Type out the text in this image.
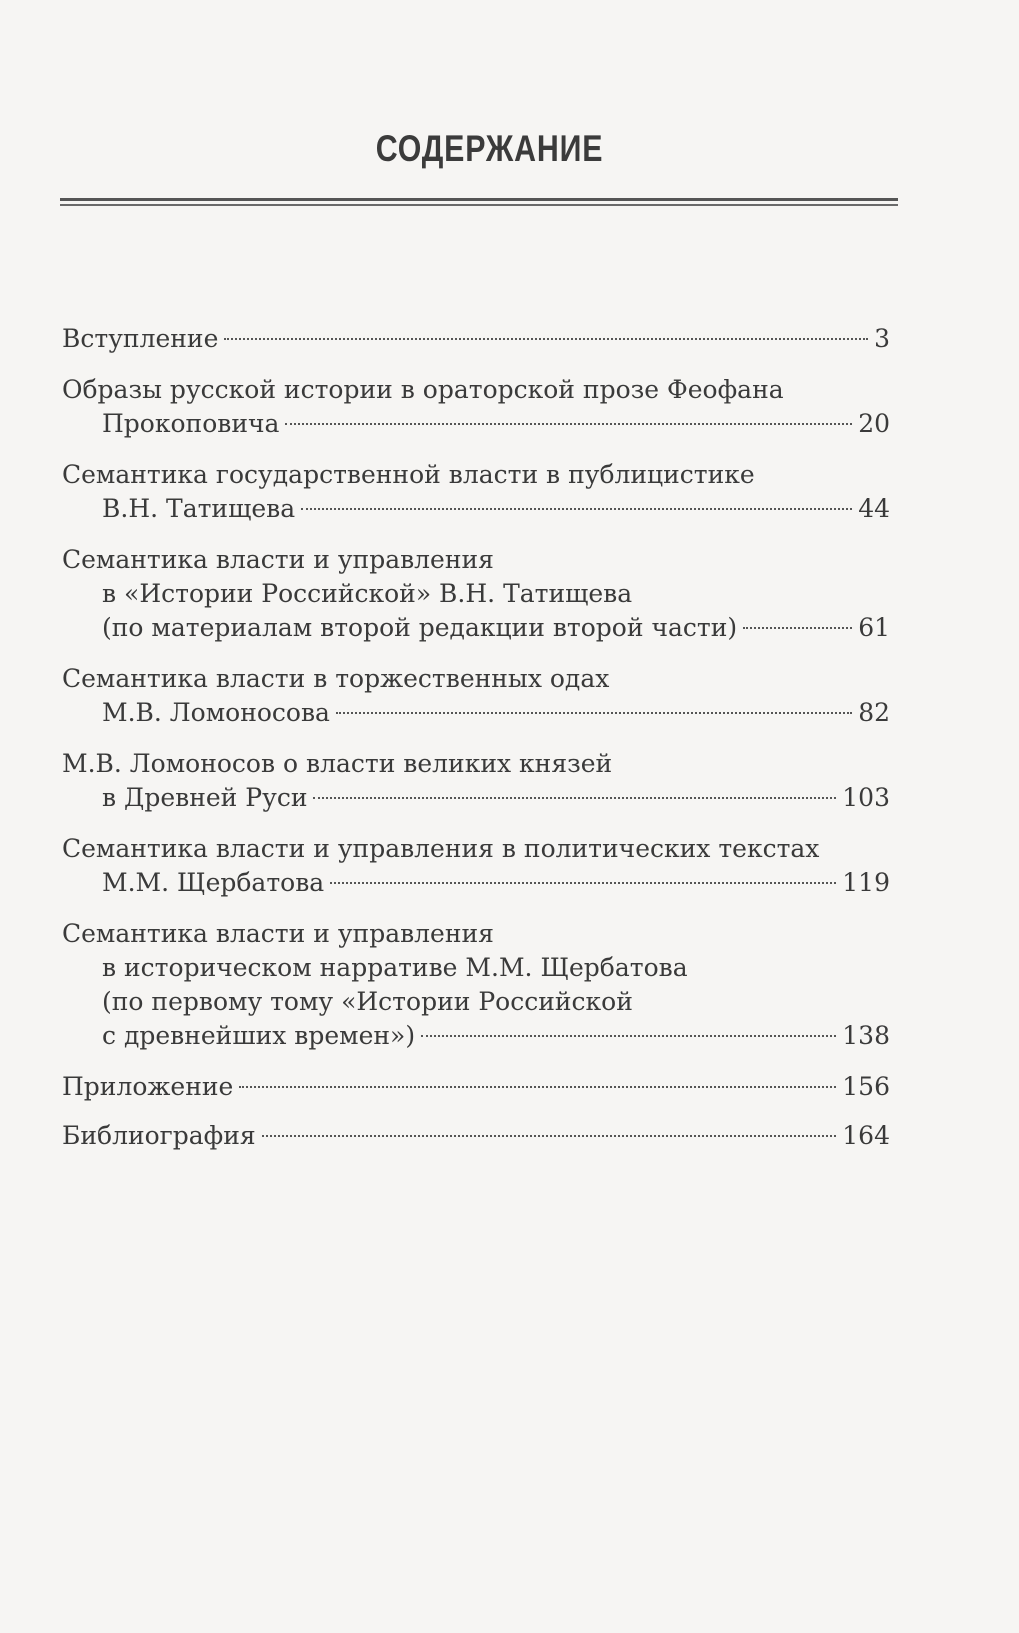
СОДЕРЖАНИЕ
Вступление	3
Образы русской истории в ораторской прозе Феофана
Прокоповича	20
Семантика государственной власти в публицистике
В.Н. Татищева	44
Семантика власти и управления
в «Истории Российской» В.Н. Татищева
(по материалам второй редакции второй части)	61
Семантика власти в торжественных одах
М.В. Ломоносова	82
М.В. Ломоносов о власти великих князей
в Древней Руси	103
Семантика власти и управления в политических текстах
М.М. Щербатова	119
Семантика власти и управления
в историческом нарративе М.М. Щербатова
(по первому тому «Истории Российской
с древнейших времен»)	138
Приложение	156
Библиография	164
